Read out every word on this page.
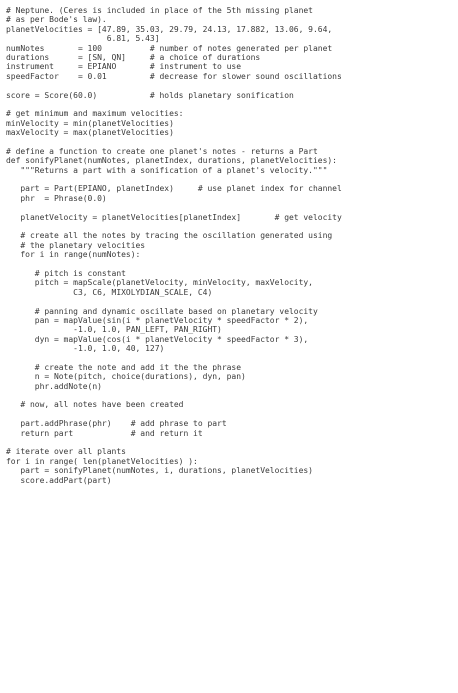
# Neptune. (Ceres is included in place of the 5th missing planet
# as per Bode's law).
planetVelocities = [47.89, 35.03, 29.79, 24.13, 17.882, 13.06, 9.64,
6.81, 5.43]
numNotes       = 100          # number of notes generated per planet
durations      = [SN, QN]     # a choice of durations
instrument     = EPIANO       # instrument to use
speedFactor    = 0.01         # decrease for slower sound oscillations
score = Score(60.0)           # holds planetary sonification
# get minimum and maximum velocities:
minVelocity = min(planetVelocities)
maxVelocity = max(planetVelocities)
# define a function to create one planet's notes - returns a Part
def sonifyPlanet(numNotes, planetIndex, durations, planetVelocities):
"""Returns a part with a sonification of a planet's velocity."""
part = Part(EPIANO, planetIndex)     # use planet index for channel
phr  = Phrase(0.0)
planetVelocity = planetVelocities[planetIndex]       # get velocity
# create all the notes by tracing the oscillation generated using
# the planetary velocities
for i in range(numNotes):
# pitch is constant
pitch = mapScale(planetVelocity, minVelocity, maxVelocity,
C3, C6, MIXOLYDIAN_SCALE, C4)
# panning and dynamic oscillate based on planetary velocity
pan = mapValue(sin(i * planetVelocity * speedFactor * 2),
-1.0, 1.0, PAN_LEFT, PAN_RIGHT)
dyn = mapValue(cos(i * planetVelocity * speedFactor * 3),
-1.0, 1.0, 40, 127)
# create the note and add it the the phrase
n = Note(pitch, choice(durations), dyn, pan)
phr.addNote(n)
# now, all notes have been created
part.addPhrase(phr)    # add phrase to part
return part            # and return it
# iterate over all plants
for i in range( len(planetVelocities) ):
part = sonifyPlanet(numNotes, i, durations, planetVelocities)
score.addPart(part)
